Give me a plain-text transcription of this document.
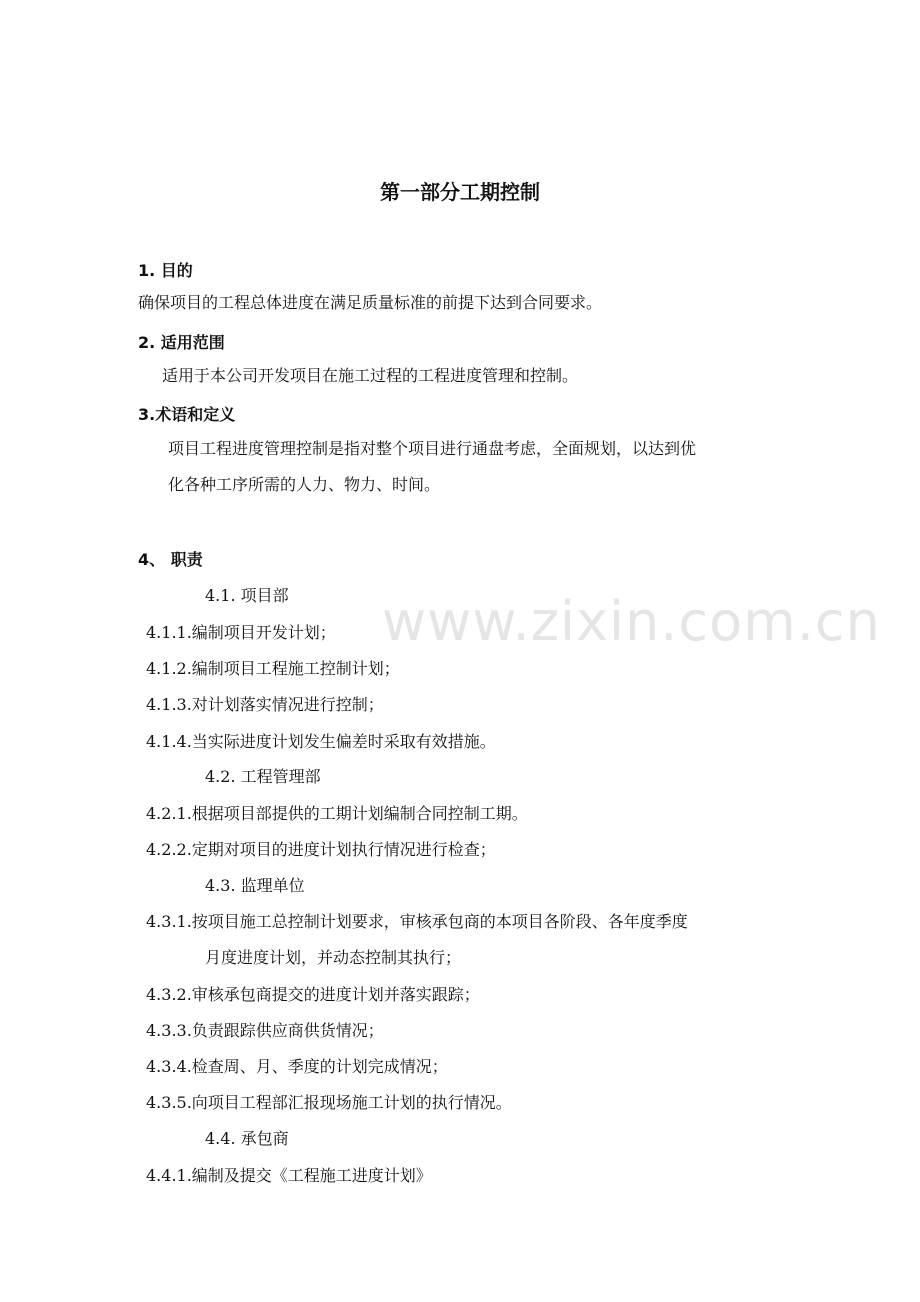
第一部分工期控制
1. 目的
确保项目的工程总体进度在满足质量标准的前提下达到合同要求。
2. 适用范围
适用于本公司开发项目在施工过程的工程进度管理和控制。
3.术语和定义
项目工程进度管理控制是指对整个项目进行通盘考虑，全面规划，以达到优
化各种工序所需的人力、物力、时间。
4、 职责
4.1. 项目部
4.1.1.编制项目开发计划；
4.1.2.编制项目工程施工控制计划；
4.1.3.对计划落实情况进行控制；
4.1.4.当实际进度计划发生偏差时采取有效措施。
4.2. 工程管理部
4.2.1.根据项目部提供的工期计划编制合同控制工期。
4.2.2.定期对项目的进度计划执行情况进行检查；
4.3. 监理单位
4.3.1.按项目施工总控制计划要求，审核承包商的本项目各阶段、各年度季度
月度进度计划，并动态控制其执行；
4.3.2.审核承包商提交的进度计划并落实跟踪；
4.3.3.负责跟踪供应商供货情况；
4.3.4.检查周、月、季度的计划完成情况；
4.3.5.向项目工程部汇报现场施工计划的执行情况。
4.4. 承包商
4.4.1.编制及提交《工程施工进度计划》
www.zixin.com.cn
